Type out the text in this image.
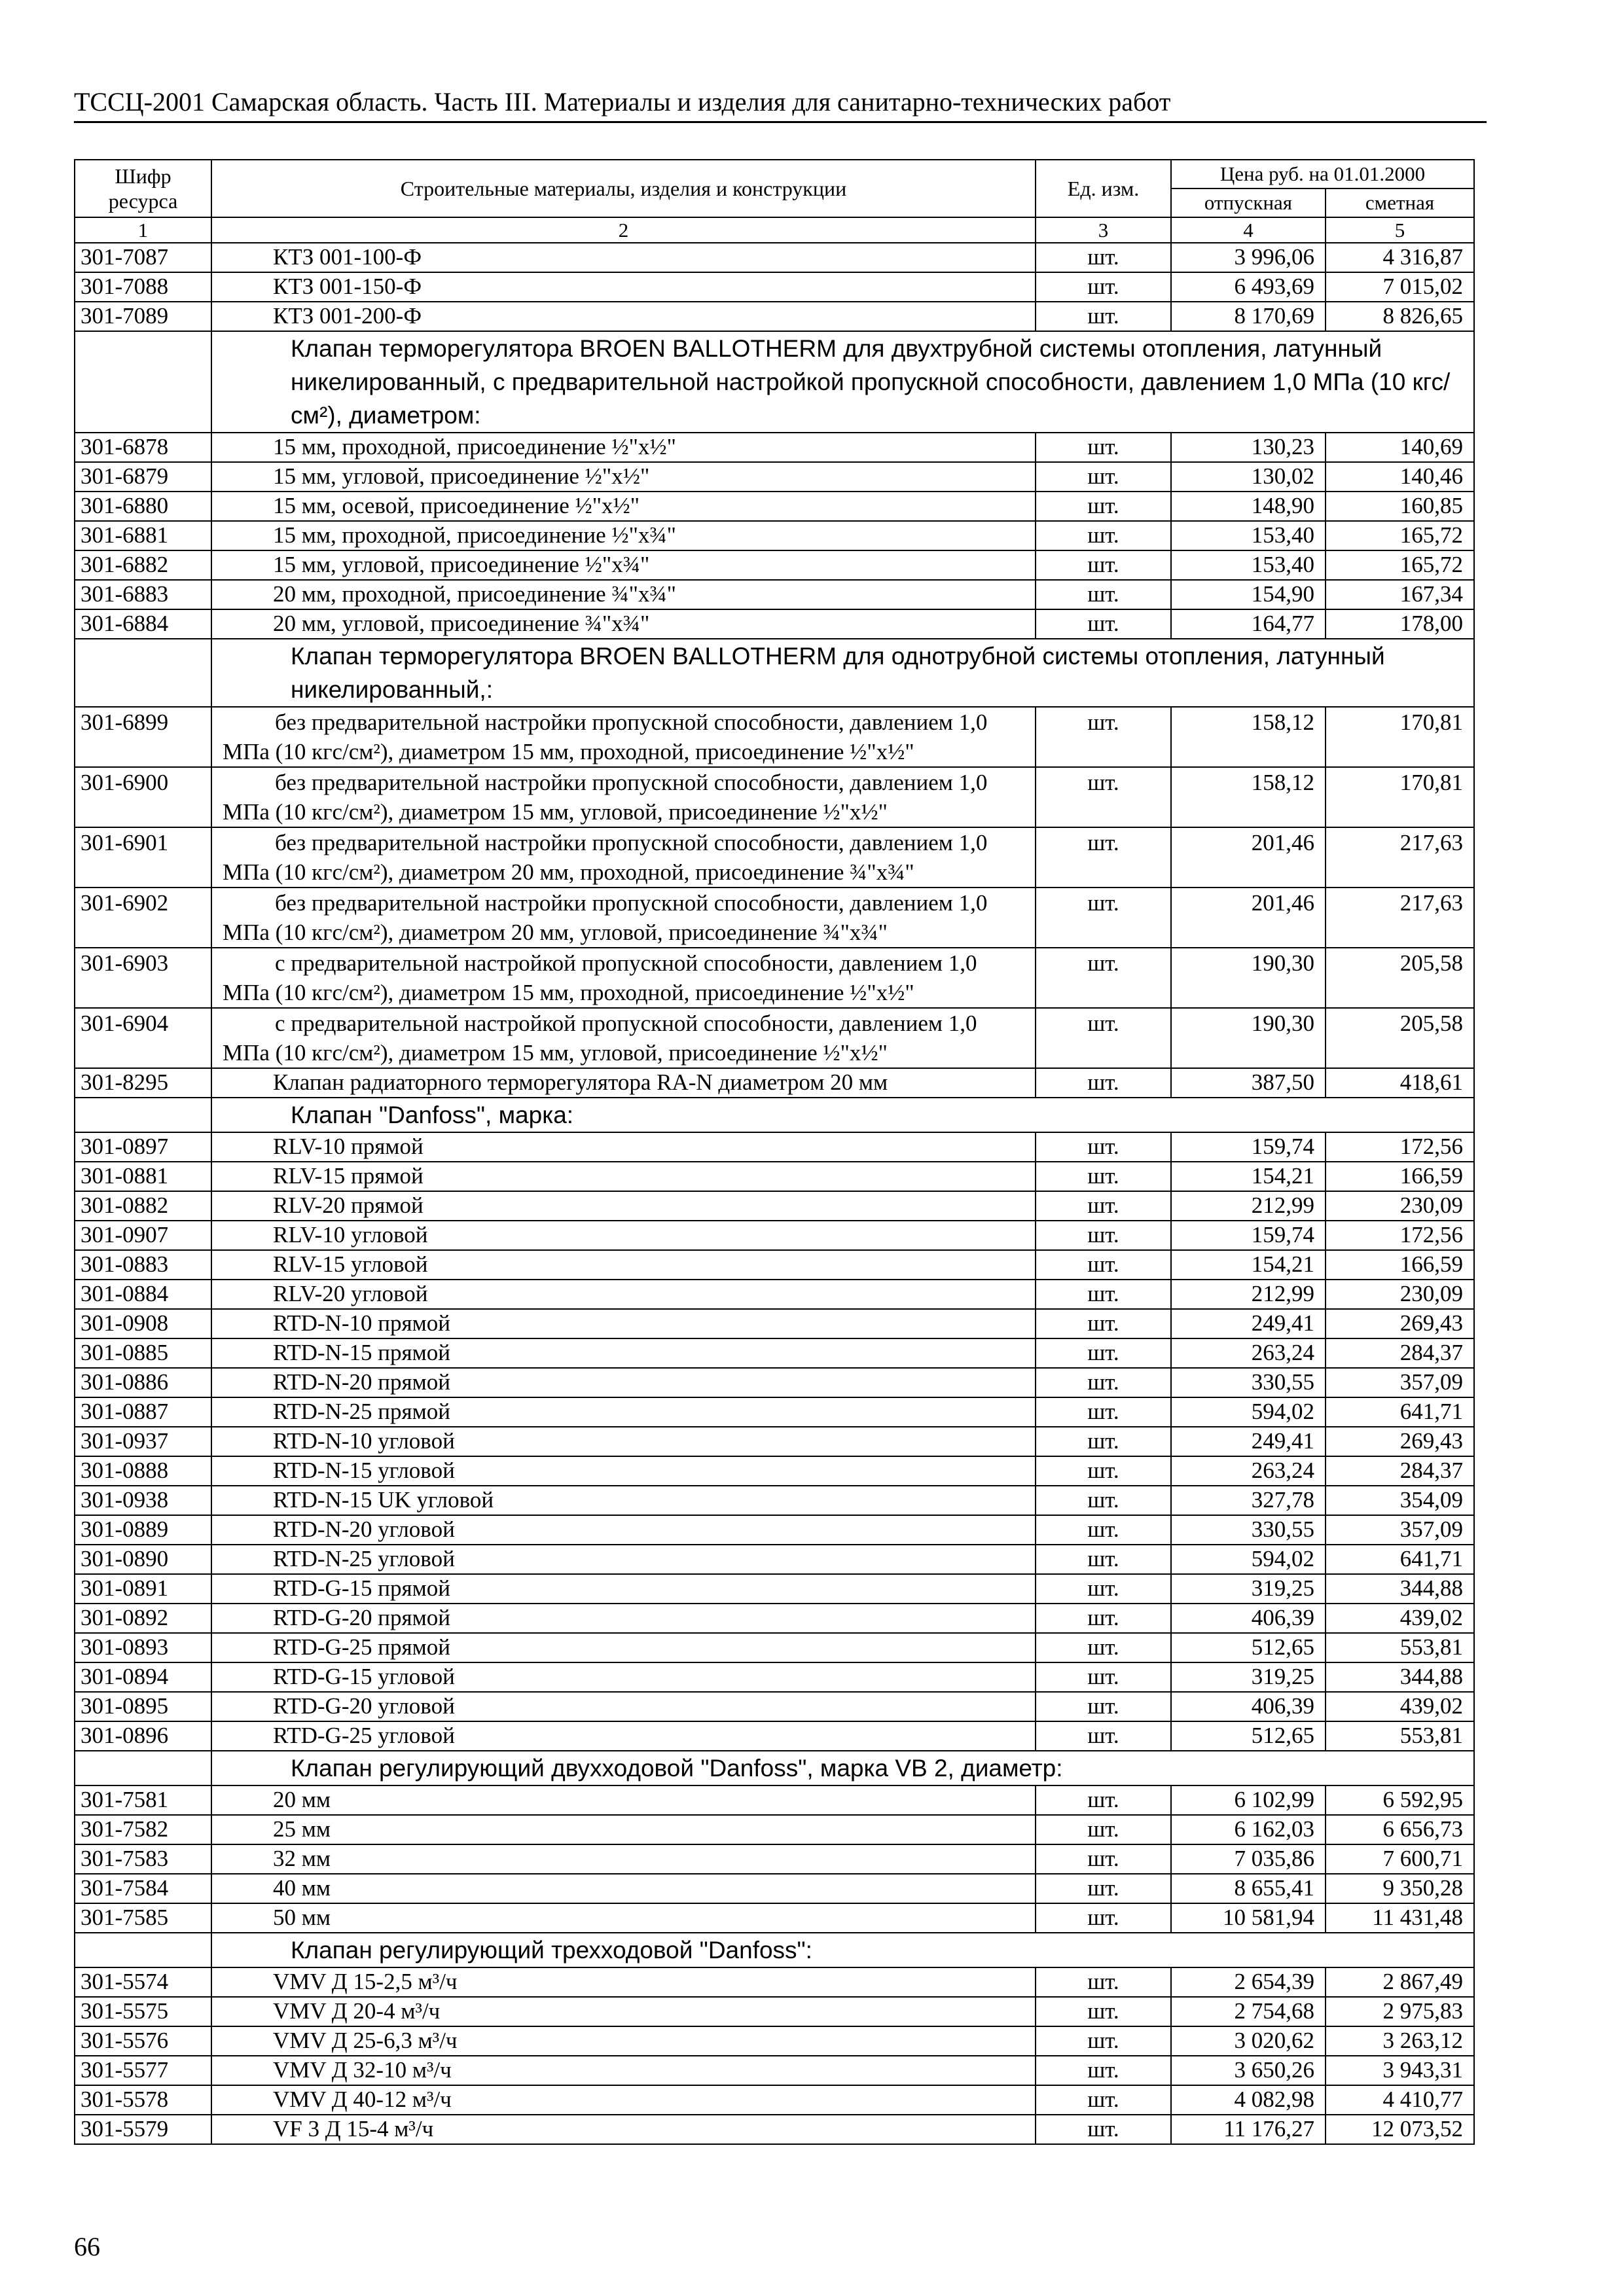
ТССЦ-2001 Самарская область. Часть III. Материалы и изделия для санитарно-технических работ
Шифр ресурса	Строительные материалы, изделия и конструкции	Ед. изм.	Цена руб. на 01.01.2000	
			отпускная	сметная
1	2	3	4	5
301-7087	КТЗ 001-100-Ф	шт.	3 996,06	4 316,87
301-7088	КТЗ 001-150-Ф	шт.	6 493,69	7 015,02
301-7089	КТЗ 001-200-Ф	шт.	8 170,69	8 826,65
	Клапан терморегулятора BROEN BALLOTHERM для двухтрубной системы отопления, латунный никелированный, с предварительной настройкой пропускной способности, давлением 1,0 МПа (10 кгс/см²), диаметром:			
301-6878	15 мм, проходной, присоединение ½"х½"	шт.	130,23	140,69
301-6879	15 мм, угловой, присоединение ½"х½"	шт.	130,02	140,46
301-6880	15 мм, осевой, присоединение ½"х½"	шт.	148,90	160,85
301-6881	15 мм, проходной, присоединение ½"х¾"	шт.	153,40	165,72
301-6882	15 мм, угловой, присоединение ½"х¾"	шт.	153,40	165,72
301-6883	20 мм, проходной, присоединение ¾"х¾"	шт.	154,90	167,34
301-6884	20 мм, угловой, присоединение ¾"х¾"	шт.	164,77	178,00
	Клапан терморегулятора BROEN BALLOTHERM для однотрубной системы отопления, латунный никелированный,:			
301-6899	без предварительной настройки пропускной способности, давлением 1,0 МПа (10 кгс/см²), диаметром 15 мм, проходной, присоединение ½"х½"	шт.	158,12	170,81
301-6900	без предварительной настройки пропускной способности, давлением 1,0 МПа (10 кгс/см²), диаметром 15 мм, угловой, присоединение ½"х½"	шт.	158,12	170,81
301-6901	без предварительной настройки пропускной способности, давлением 1,0 МПа (10 кгс/см²), диаметром 20 мм, проходной, присоединение ¾"х¾"	шт.	201,46	217,63
301-6902	без предварительной настройки пропускной способности, давлением 1,0 МПа (10 кгс/см²), диаметром 20 мм, угловой, присоединение ¾"х¾"	шт.	201,46	217,63
301-6903	с предварительной настройкой пропускной способности, давлением 1,0 МПа (10 кгс/см²), диаметром 15 мм, проходной, присоединение ½"х½"	шт.	190,30	205,58
301-6904	с предварительной настройкой пропускной способности, давлением 1,0 МПа (10 кгс/см²), диаметром 15 мм, угловой, присоединение ½"х½"	шт.	190,30	205,58
301-8295	Клапан радиаторного терморегулятора RA-N диаметром 20 мм	шт.	387,50	418,61
	Клапан "Danfoss", марка:			
301-0897	RLV-10 прямой	шт.	159,74	172,56
301-0881	RLV-15 прямой	шт.	154,21	166,59
301-0882	RLV-20 прямой	шт.	212,99	230,09
301-0907	RLV-10 угловой	шт.	159,74	172,56
301-0883	RLV-15 угловой	шт.	154,21	166,59
301-0884	RLV-20 угловой	шт.	212,99	230,09
301-0908	RTD-N-10 прямой	шт.	249,41	269,43
301-0885	RTD-N-15 прямой	шт.	263,24	284,37
301-0886	RTD-N-20 прямой	шт.	330,55	357,09
301-0887	RTD-N-25 прямой	шт.	594,02	641,71
301-0937	RTD-N-10 угловой	шт.	249,41	269,43
301-0888	RTD-N-15 угловой	шт.	263,24	284,37
301-0938	RTD-N-15 UK угловой	шт.	327,78	354,09
301-0889	RTD-N-20 угловой	шт.	330,55	357,09
301-0890	RTD-N-25 угловой	шт.	594,02	641,71
301-0891	RTD-G-15 прямой	шт.	319,25	344,88
301-0892	RTD-G-20 прямой	шт.	406,39	439,02
301-0893	RTD-G-25 прямой	шт.	512,65	553,81
301-0894	RTD-G-15 угловой	шт.	319,25	344,88
301-0895	RTD-G-20 угловой	шт.	406,39	439,02
301-0896	RTD-G-25 угловой	шт.	512,65	553,81
	Клапан регулирующий двухходовой "Danfoss", марка VB 2, диаметр:			
301-7581	20 мм	шт.	6 102,99	6 592,95
301-7582	25 мм	шт.	6 162,03	6 656,73
301-7583	32 мм	шт.	7 035,86	7 600,71
301-7584	40 мм	шт.	8 655,41	9 350,28
301-7585	50 мм	шт.	10 581,94	11 431,48
	Клапан регулирующий трехходовой "Danfoss":			
301-5574	VMV Д 15-2,5 м³/ч	шт.	2 654,39	2 867,49
301-5575	VMV Д 20-4 м³/ч	шт.	2 754,68	2 975,83
301-5576	VMV Д 25-6,3 м³/ч	шт.	3 020,62	3 263,12
301-5577	VMV Д 32-10 м³/ч	шт.	3 650,26	3 943,31
301-5578	VMV Д 40-12 м³/ч	шт.	4 082,98	4 410,77
301-5579	VF 3 Д 15-4 м³/ч	шт.	11 176,27	12 073,52
66
